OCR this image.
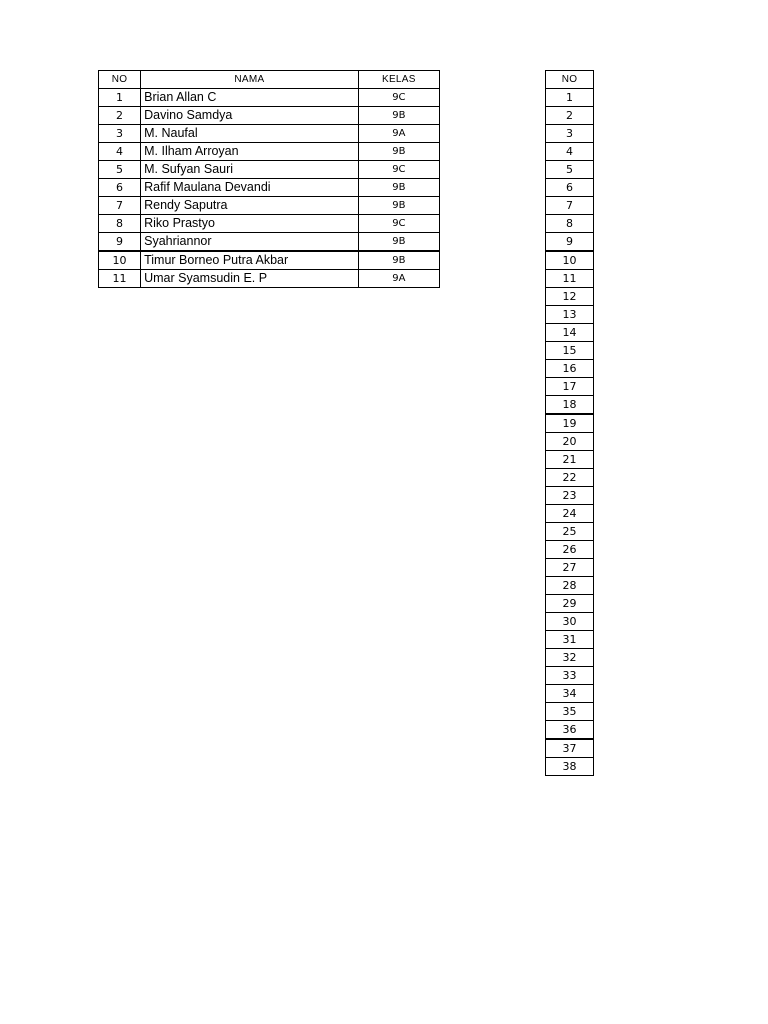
NO	NAMA	KELAS
1	Brian Allan C	9C
2	Davino Samdya	9B
3	M. Naufal	9A
4	M. Ilham Arroyan	9B
5	M. Sufyan Sauri	9C
6	Rafif Maulana Devandi	9B
7	Rendy Saputra	9B
8	Riko Prastyo	9C
9	Syahriannor	9B
10	Timur Borneo Putra Akbar	9B
11	Umar Syamsudin E. P	9A
NO
1
2
3
4
5
6
7
8
9
10
11
12
13
14
15
16
17
18
19
20
21
22
23
24
25
26
27
28
29
30
31
32
33
34
35
36
37
38
